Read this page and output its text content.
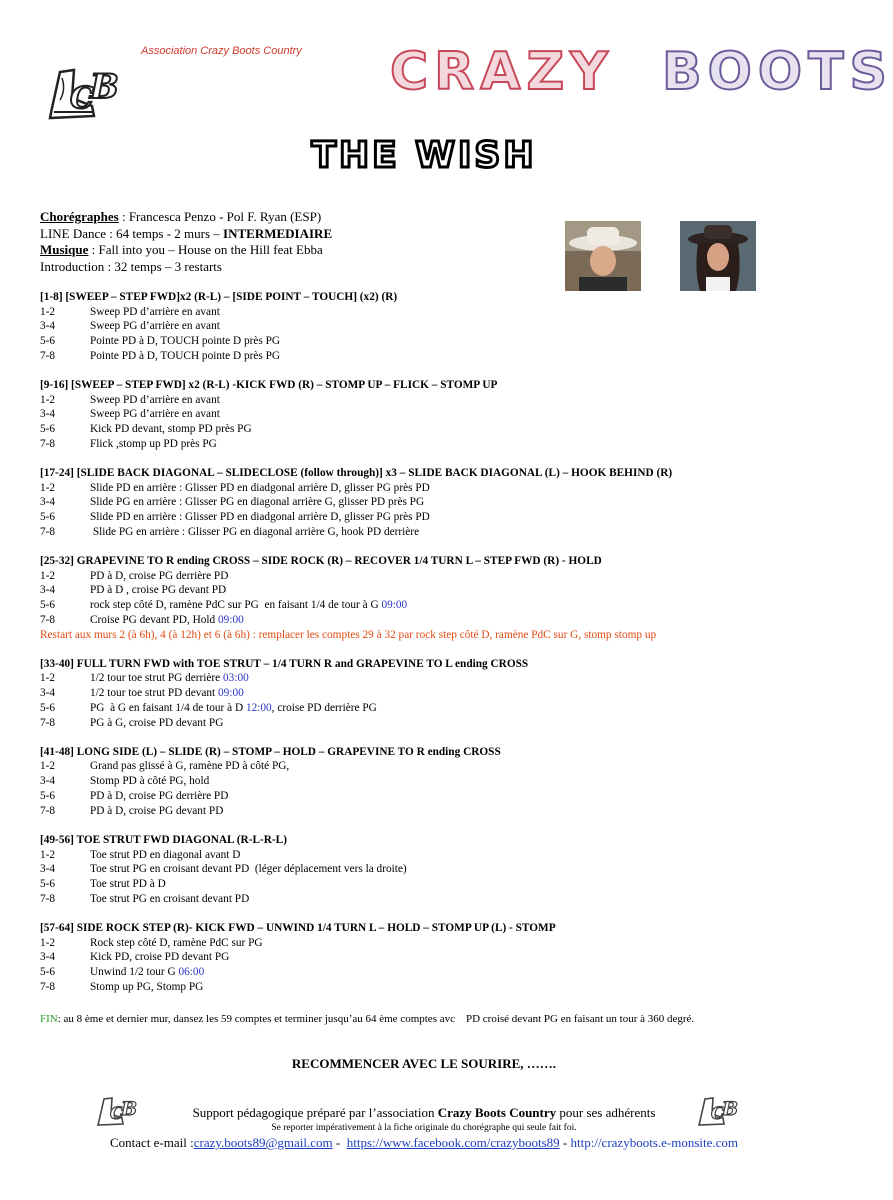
Association Crazy Boots Country
B
C	CRAZY BOOTS
THE WISH
Chorégraphes : Francesca Penzo - Pol F. Ryan (ESP)
LINE Dance : 64 temps - 2 murs – INTERMEDIAIRE
Musique : Fall into you – House on the Hill feat Ebba
Introduction : 32 temps – 3 restarts
[1-8] [SWEEP – STEP FWD]x2 (R-L) – [SIDE POINT – TOUCH] (x2) (R)
1-2	Sweep PD d’arrière en avant
3-4	Sweep PG d’arrière en avant
5-6	Pointe PD à D, TOUCH pointe D près PG
7-8	Pointe PD à D, TOUCH pointe D près PG
[9-16] [SWEEP – STEP FWD] x2 (R-L) -KICK FWD (R) – STOMP UP – FLICK – STOMP UP
1-2	Sweep PD d’arrière en avant
3-4	Sweep PG d’arrière en avant
5-6	Kick PD devant, stomp PD près PG
7-8	Flick ,stomp up PD près PG
[17-24] [SLIDE BACK DIAGONAL – SLIDECLOSE (follow through)] x3 – SLIDE BACK DIAGONAL (L) – HOOK BEHIND (R)
1-2	Slide PD en arrière : Glisser PD en diadgonal arrière D, glisser PG près PD
3-4	Slide PG en arrière : Glisser PG en diagonal arrière G, glisser PD près PG
5-6	Slide PD en arrière : Glisser PD en diadgonal arrière D, glisser PG près PD
7-8	Slide PG en arrière : Glisser PG en diagonal arrière G, hook PD derrière
[25-32] GRAPEVINE TO R ending CROSS – SIDE ROCK (R) – RECOVER 1/4 TURN L – STEP FWD (R) - HOLD
1-2	PD à D, croise PG derrière PD
3-4	PD à D , croise PG devant PD
5-6	rock step côté D, ramène PdC sur PG  en faisant 1/4 de tour à G 09:00
7-8	Croise PG devant PD, Hold 09:00
Restart aux murs 2 (à 6h), 4 (à 12h) et 6 (à 6h) : remplacer les comptes 29 à 32 par rock step côté D, ramène PdC sur G, stomp stomp up
[33-40] FULL TURN FWD with TOE STRUT – 1/4 TURN R and GRAPEVINE TO L ending CROSS
1-2	1/2 tour toe strut PG derrière 03:00
3-4	1/2 tour toe strut PD devant 09:00
5-6	PG  à G en faisant 1/4 de tour à D 12:00, croise PD derrière PG
7-8	PG à G, croise PD devant PG
[41-48] LONG SIDE (L) – SLIDE (R) – STOMP – HOLD – GRAPEVINE TO R ending CROSS
1-2	Grand pas glissé à G, ramène PD à côté PG,
3-4	Stomp PD à côté PG, hold
5-6	PD à D, croise PG derrière PD
7-8	PD à D, croise PG devant PD
[49-56] TOE STRUT FWD DIAGONAL (R-L-R-L)
1-2	Toe strut PD en diagonal avant D
3-4	Toe strut PG en croisant devant PD  (léger déplacement vers la droite)
5-6	Toe strut PD à D
7-8	Toe strut PG en croisant devant PD
[57-64] SIDE ROCK STEP (R)- KICK FWD – UNWIND 1/4 TURN L – HOLD – STOMP UP (L) - STOMP
1-2	Rock step côté D, ramène PdC sur PG
3-4	Kick PD, croise PD devant PG
5-6	Unwind 1/2 tour G 06:00
7-8	Stomp up PG, Stomp PG
FIN: au 8 ème et dernier mur, dansez les 59 comptes et terminer jusqu’au 64 ème comptes avc    PD croisé devant PG en faisant un tour à 360 degré.
RECOMMENCER AVEC LE SOURIRE, …….
C
B	C
B
Support pédagogique préparé par l’association Crazy Boots Country pour ses adhérents
Se reporter impérativement à la fiche originale du chorégraphe qui seule fait foi.
Contact e-mail :crazy.boots89@gmail.com -  https://www.facebook.com/crazyboots89 - http://crazyboots.e-monsite.com
